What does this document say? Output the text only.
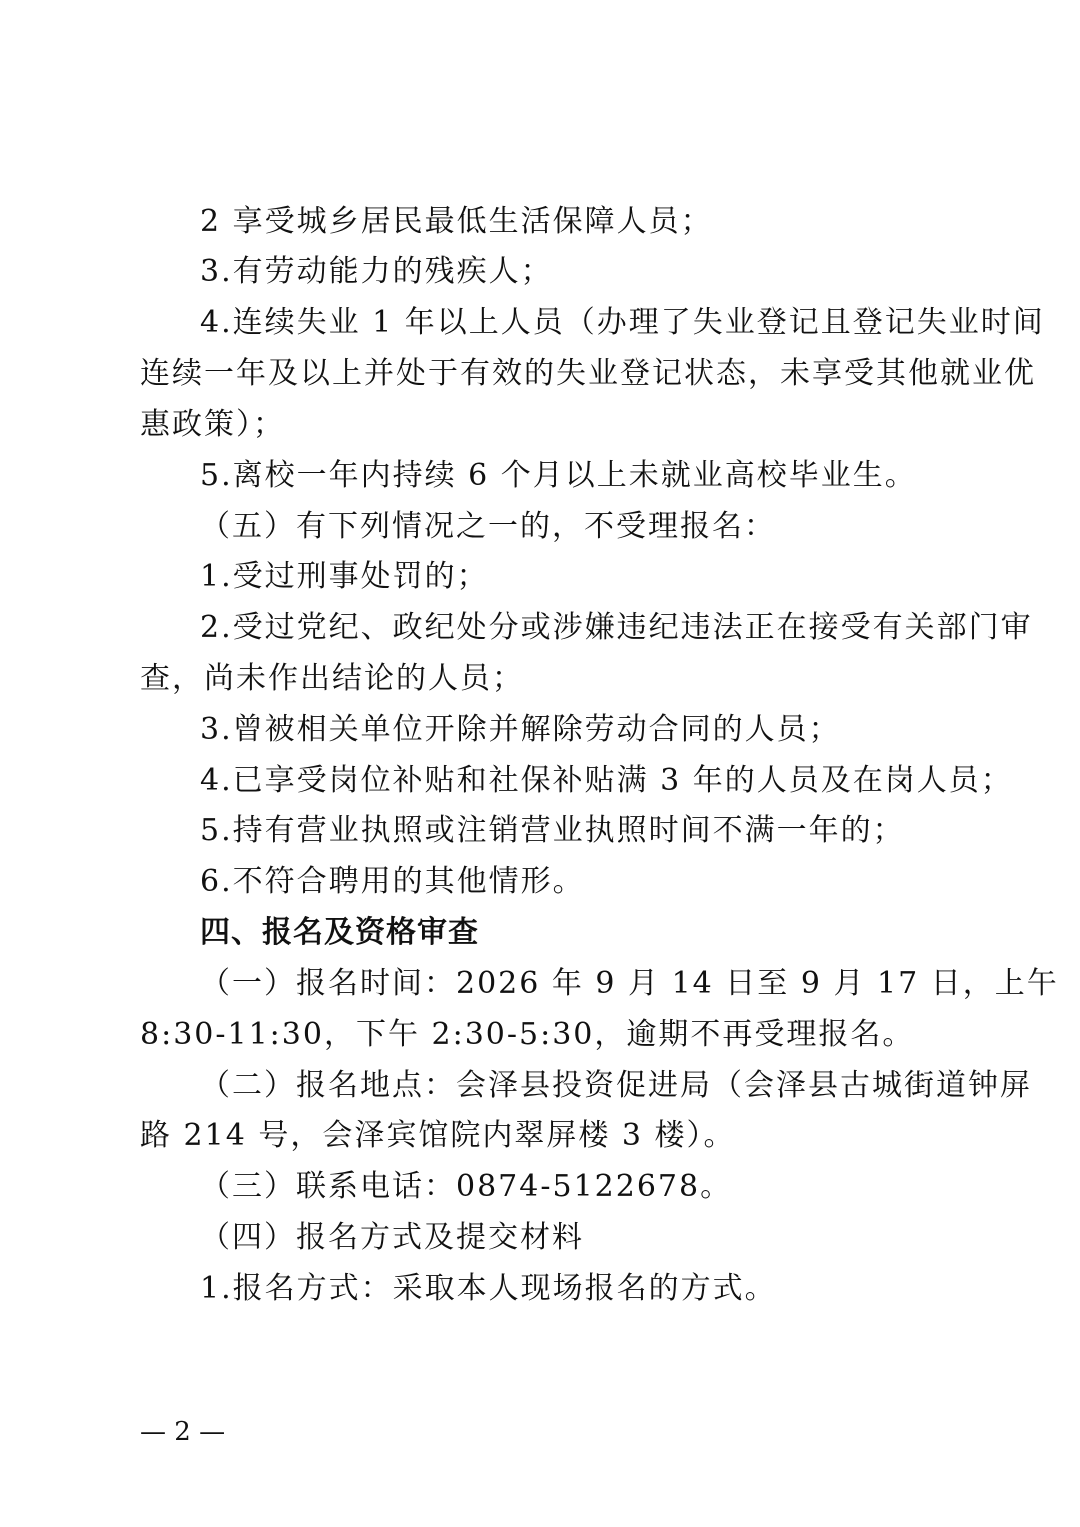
2 享受城乡居民最低生活保障人员；
3.有劳动能力的残疾人；
4.连续失业 1 年以上人员（办理了失业登记且登记失业时间
连续一年及以上并处于有效的失业登记状态，未享受其他就业优
惠政策）；
5.离校一年内持续 6 个月以上未就业高校毕业生。
（五）有下列情况之一的，不受理报名：
1.受过刑事处罚的；
2.受过党纪、政纪处分或涉嫌违纪违法正在接受有关部门审
查，尚未作出结论的人员；
3.曾被相关单位开除并解除劳动合同的人员；
4.已享受岗位补贴和社保补贴满 3 年的人员及在岗人员；
5.持有营业执照或注销营业执照时间不满一年的；
6.不符合聘用的其他情形。
四、报名及资格审查
（一）报名时间：2026 年 9 月 14 日至 9 月 17 日，上午
8:30-11:30，下午 2:30-5:30，逾期不再受理报名。
（二）报名地点：会泽县投资促进局（会泽县古城街道钟屏
路 214 号，会泽宾馆院内翠屏楼 3 楼）。
（三）联系电话：0874-5122678。
（四）报名方式及提交材料
1.报名方式：采取本人现场报名的方式。
— 2 —
